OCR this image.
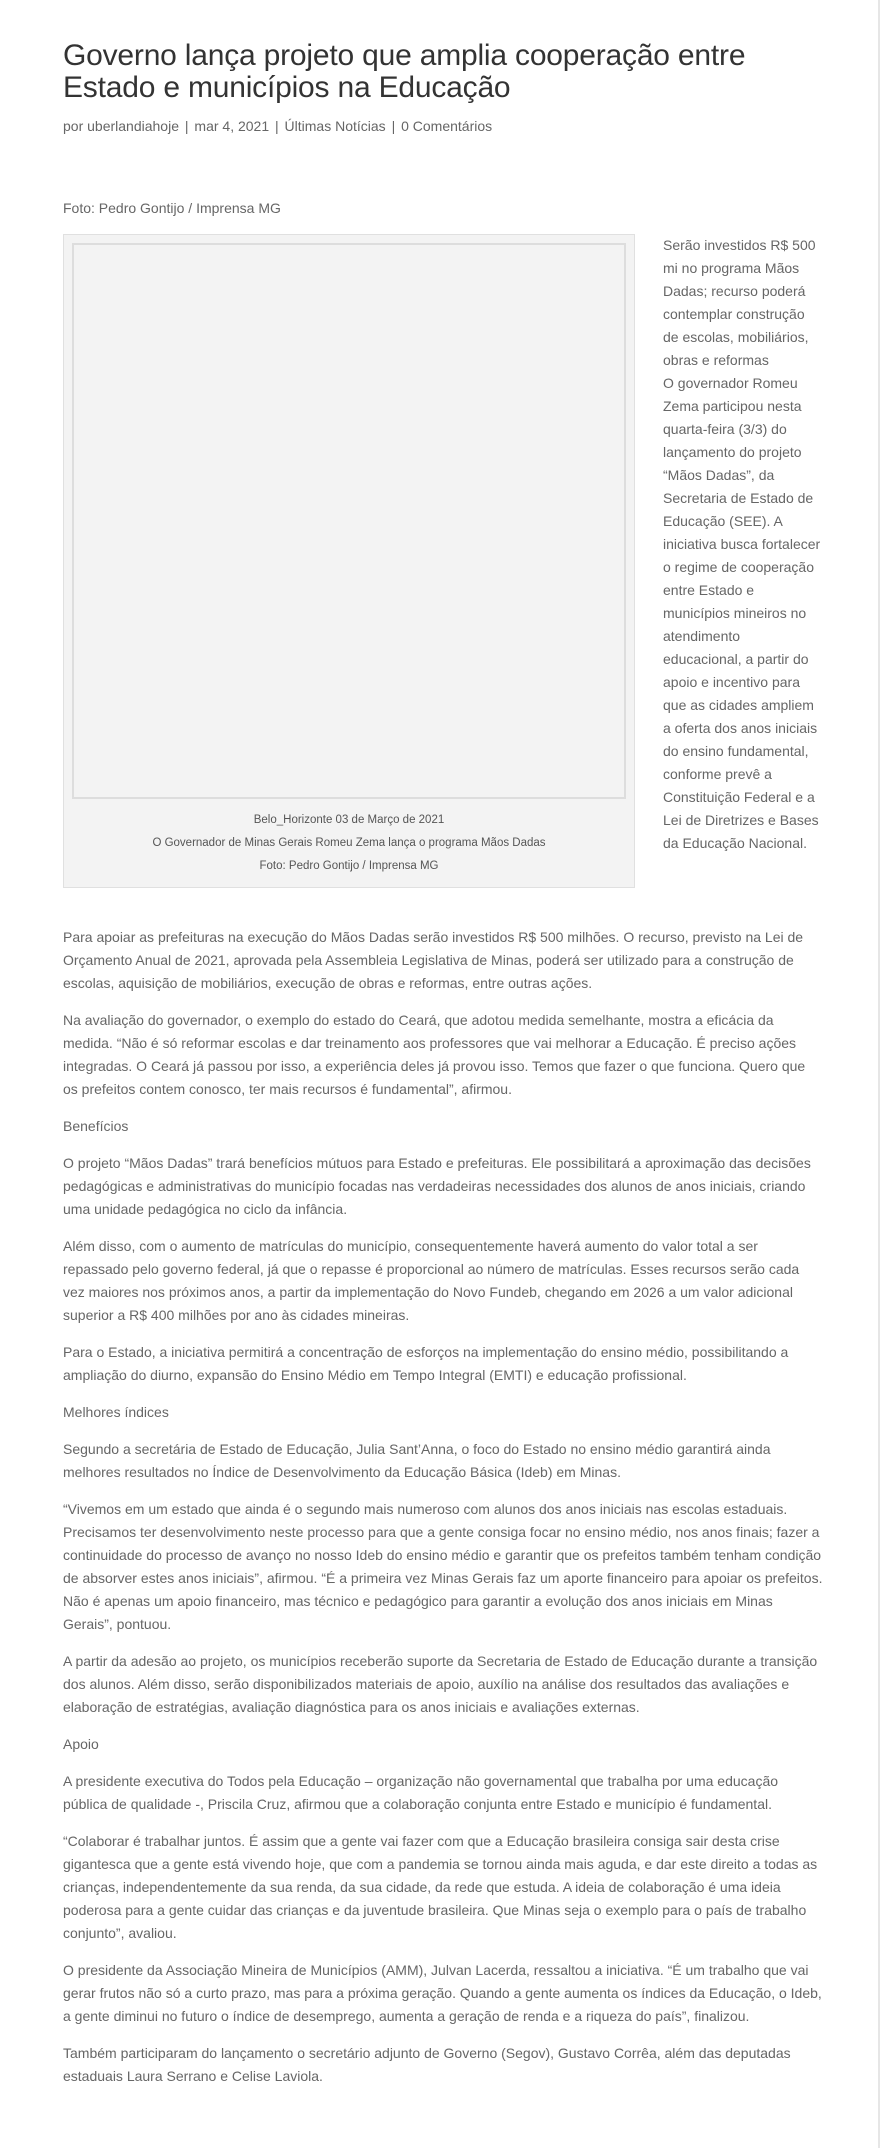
Governo lança projeto que amplia cooperação entre Estado e municípios na Educação
por uberlandiahoje | mar 4, 2021 | Últimas Notícias | 0 Comentários
Foto: Pedro Gontijo / Imprensa MG
Belo_Horizonte 03 de Março de 2021
O Governador de Minas Gerais Romeu Zema lança o programa Mãos Dadas
Foto: Pedro Gontijo / Imprensa MG

Serão investidos R$ 500 mi no programa Mãos Dadas; recurso poderá contemplar construção de escolas, mobiliários, obras e reformas

O governador Romeu Zema participou nesta quarta-feira (3/3) do lançamento do projeto “Mãos Dadas”, da Secretaria de Estado de Educação (SEE). A iniciativa busca fortalecer o regime de cooperação entre Estado e municípios mineiros no atendimento educacional, a partir do apoio e incentivo para que as cidades ampliem a oferta dos anos iniciais do ensino fundamental, conforme prevê a Constituição Federal e a Lei de Diretrizes e Bases da Educação Nacional.

Para apoiar as prefeituras na execução do Mãos Dadas serão investidos R$ 500 milhões. O recurso, previsto na Lei de Orçamento Anual de 2021, aprovada pela Assembleia Legislativa de Minas, poderá ser utilizado para a construção de escolas, aquisição de mobiliários, execução de obras e reformas, entre outras ações.

Na avaliação do governador, o exemplo do estado do Ceará, que adotou medida semelhante, mostra a eficácia da medida. “Não é só reformar escolas e dar treinamento aos professores que vai melhorar a Educação. É preciso ações integradas. O Ceará já passou por isso, a experiência deles já provou isso. Temos que fazer o que funciona. Quero que os prefeitos contem conosco, ter mais recursos é fundamental”, afirmou.

Benefícios

O projeto “Mãos Dadas” trará benefícios mútuos para Estado e prefeituras. Ele possibilitará a aproximação das decisões pedagógicas e administrativas do município focadas nas verdadeiras necessidades dos alunos de anos iniciais, criando uma unidade pedagógica no ciclo da infância.

Além disso, com o aumento de matrículas do município, consequentemente haverá aumento do valor total a ser repassado pelo governo federal, já que o repasse é proporcional ao número de matrículas. Esses recursos serão cada vez maiores nos próximos anos, a partir da implementação do Novo Fundeb, chegando em 2026 a um valor adicional superior a R$ 400 milhões por ano às cidades mineiras.

Para o Estado, a iniciativa permitirá a concentração de esforços na implementação do ensino médio, possibilitando a ampliação do diurno, expansão do Ensino Médio em Tempo Integral (EMTI) e educação profissional.

Melhores índices

Segundo a secretária de Estado de Educação, Julia Sant’Anna, o foco do Estado no ensino médio garantirá ainda melhores resultados no Índice de Desenvolvimento da Educação Básica (Ideb) em Minas.

“Vivemos em um estado que ainda é o segundo mais numeroso com alunos dos anos iniciais nas escolas estaduais. Precisamos ter desenvolvimento neste processo para que a gente consiga focar no ensino médio, nos anos finais; fazer a continuidade do processo de avanço no nosso Ideb do ensino médio e garantir que os prefeitos também tenham condição de absorver estes anos iniciais”, afirmou. “É a primeira vez Minas Gerais faz um aporte financeiro para apoiar os prefeitos. Não é apenas um apoio financeiro, mas técnico e pedagógico para garantir a evolução dos anos iniciais em Minas Gerais”, pontuou.

A partir da adesão ao projeto, os municípios receberão suporte da Secretaria de Estado de Educação durante a transição dos alunos. Além disso, serão disponibilizados materiais de apoio, auxílio na análise dos resultados das avaliações e elaboração de estratégias, avaliação diagnóstica para os anos iniciais e avaliações externas.

Apoio

A presidente executiva do Todos pela Educação – organização não governamental que trabalha por uma educação pública de qualidade -, Priscila Cruz, afirmou que a colaboração conjunta entre Estado e município é fundamental.

“Colaborar é trabalhar juntos. É assim que a gente vai fazer com que a Educação brasileira consiga sair desta crise gigantesca que a gente está vivendo hoje, que com a pandemia se tornou ainda mais aguda, e dar este direito a todas as crianças, independentemente da sua renda, da sua cidade, da rede que estuda. A ideia de colaboração é uma ideia poderosa para a gente cuidar das crianças e da juventude brasileira. Que Minas seja o exemplo para o país de trabalho conjunto”, avaliou.

O presidente da Associação Mineira de Municípios (AMM), Julvan Lacerda, ressaltou a iniciativa. “É um trabalho que vai gerar frutos não só a curto prazo, mas para a próxima geração. Quando a gente aumenta os índices da Educação, o Ideb, a gente diminui no futuro o índice de desemprego, aumenta a geração de renda e a riqueza do país”, finalizou.

Também participaram do lançamento o secretário adjunto de Governo (Segov), Gustavo Corrêa, além das deputadas estaduais Laura Serrano e Celise Laviola.
